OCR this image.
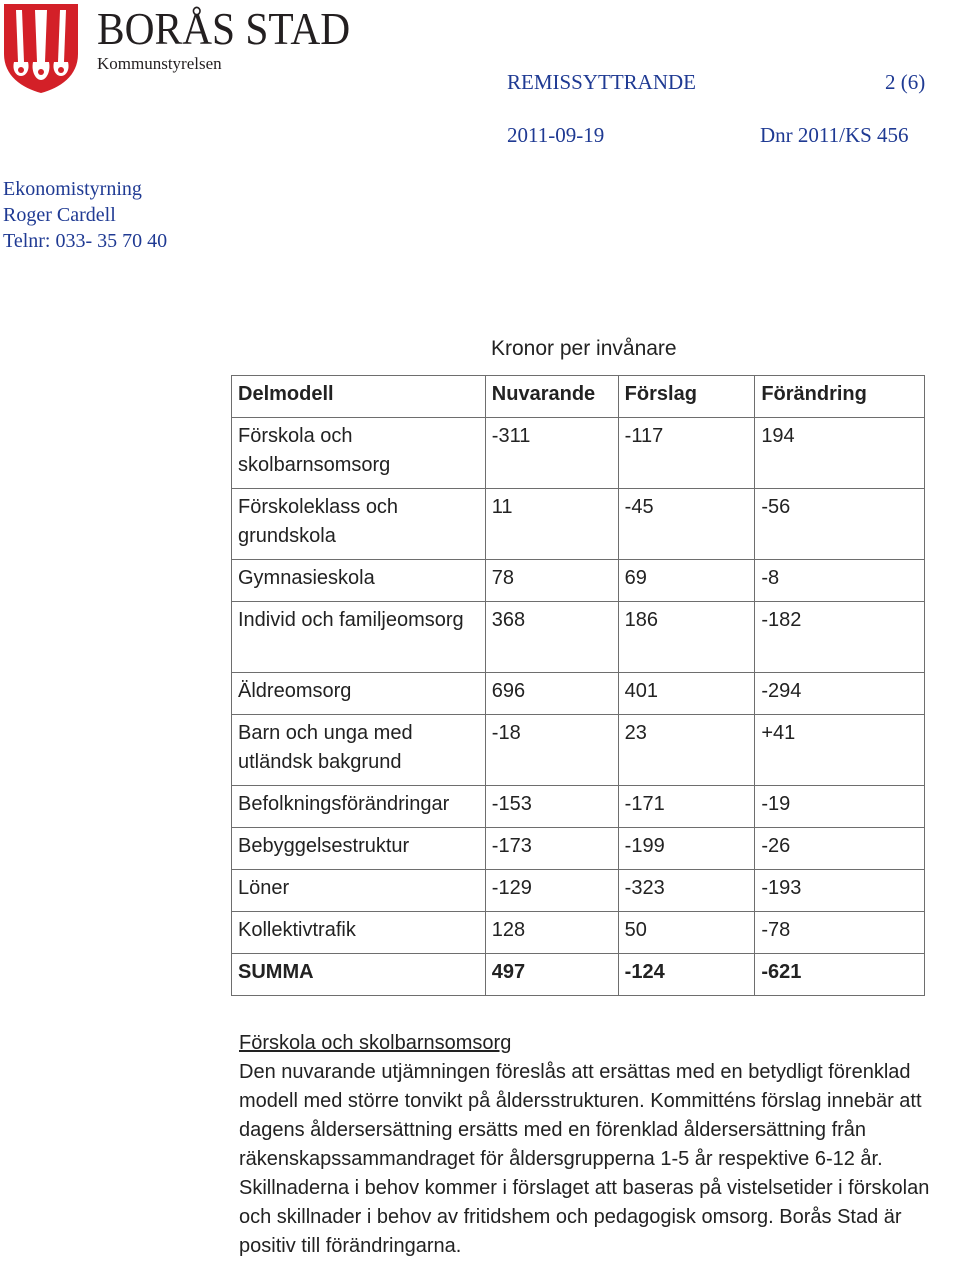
BORÅS STAD
Kommunstyrelsen
REMISSYTTRANDE	2 (6)
2011-09-19	Dnr 2011/KS 456
Ekonomistyrning
Roger Cardell
Telnr: 033- 35 70 40
Kronor per invånare
Delmodell	Nuvarande	Förslag	Förändring
Förskola och skolbarnsomsorg	-311	-117	194
Förskoleklass och grundskola	11	-45	-56
Gymnasieskola	78	69	-8
Individ och familjeomsorg	368	186	-182
Äldreomsorg	696	401	-294
Barn och unga med utländsk bakgrund	-18	23	+41
Befolkningsförändringar	-153	-171	-19
Bebyggelsestruktur	-173	-199	-26
Löner	-129	-323	-193
Kollektivtrafik	128	50	-78
SUMMA	497	-124	-621
Förskola och skolbarnsomsorg
Den nuvarande utjämningen föreslås att ersättas med en betydligt förenklad modell med större tonvikt på åldersstrukturen. Kommitténs förslag innebär att dagens åldersersättning ersätts med en förenklad åldersersättning från räkenskapssammandraget för åldersgrupperna 1-5 år respektive 6-12 år. Skillnaderna i behov kommer i förslaget att baseras på vistelsetider i förskolan och skillnader i behov av fritidshem och pedagogisk omsorg. Borås Stad är positiv till förändringarna.
